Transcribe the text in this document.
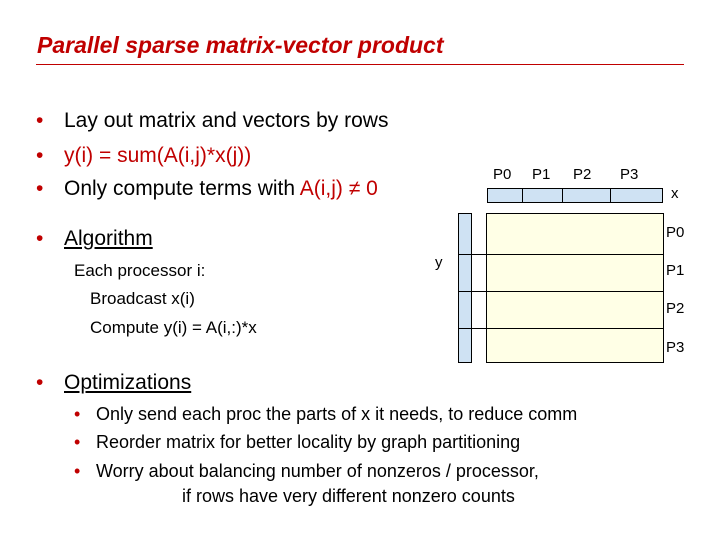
Parallel sparse matrix-vector product
• Lay out matrix and vectors by rows
• y(i) = sum(A(i,j)*x(j))
• Only compute terms with A(i,j) ≠ 0
• Algorithm
Each processor i:
Broadcast x(i)
Compute y(i) = A(i,:)*x
• Optimizations
• Only send each proc the parts of x it needs, to reduce comm
• Reorder matrix for better locality by graph partitioning
• Worry about balancing number of nonzeros / processor,
if rows have very different nonzero counts
P0 P1 P2 P3
x
y
P0
P1
P2
P3
